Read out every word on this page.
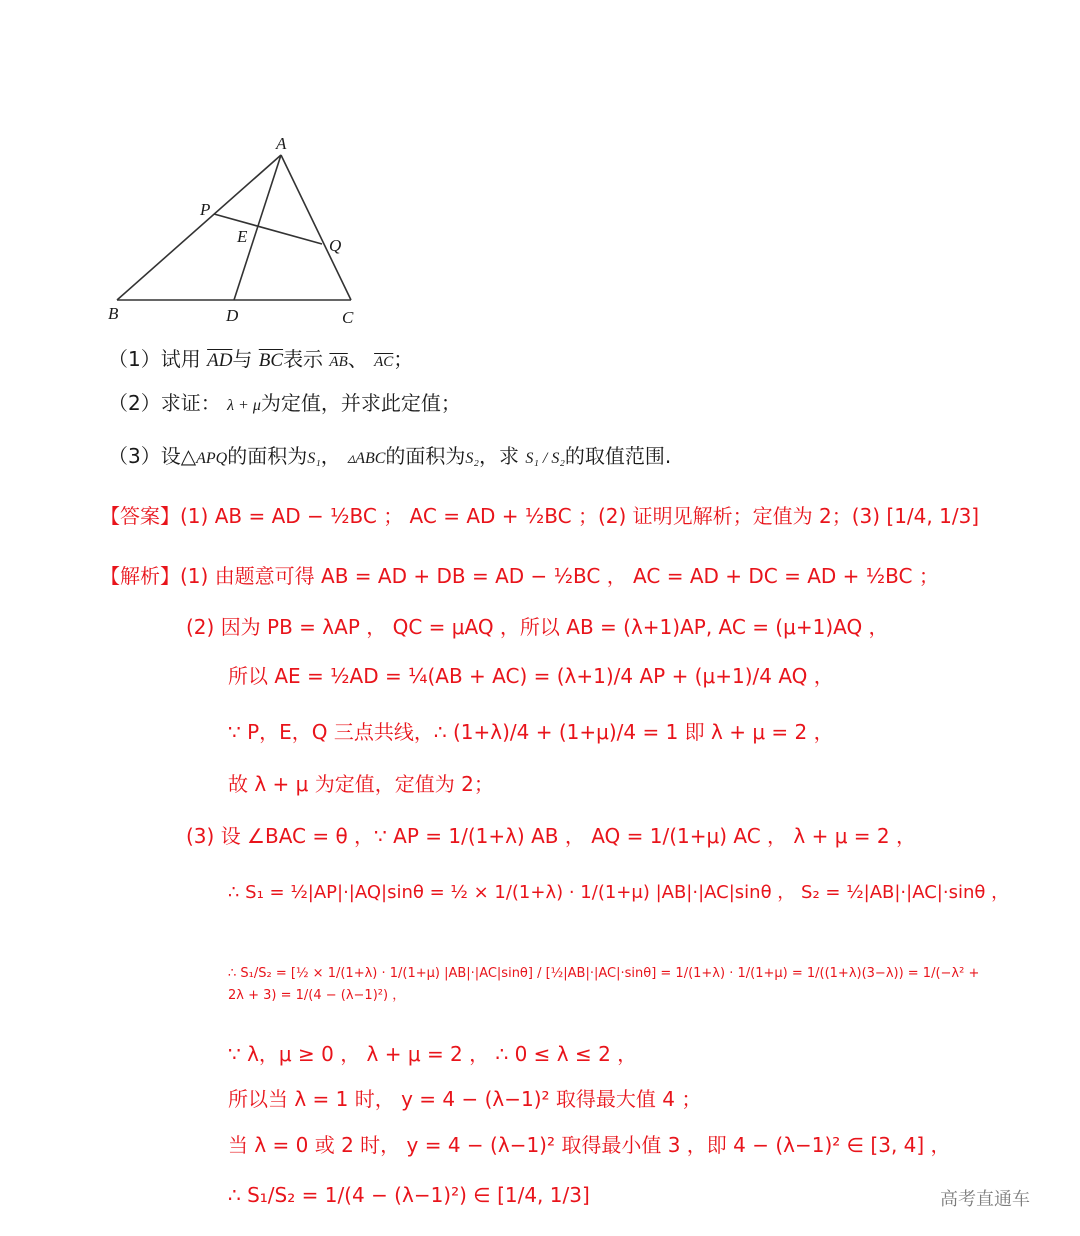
A
P
E	Q
B	D	C
（1）试用 $\overline{AD}$与 $\overline{BC}$表示 $\overline{AB}$、 $\overline{AC}$；
（2）求证： λ + μ为定值，并求此定值；
（3）设△APQ的面积为S₁， ▵ABC的面积为S₂，求 S₁ / S₂的取值范围.
【答案】(1) AB = AD − ½BC ； AC = AD + ½BC ；(2) 证明见解析；定值为 2；(3) [1/4, 1/3]
【解析】(1) 由题意可得 AB = AD + DB = AD − ½BC ， AC = AD + DC = AD + ½BC ；
(2) 因为 PB = λAP ， QC = μAQ ，所以 AB = (λ+1)AP, AC = (μ+1)AQ ，
所以 AE = ½AD = ¼(AB + AC) = (λ+1)/4 AP + (μ+1)/4 AQ ，
∵ P，E，Q 三点共线，∴ (1+λ)/4 + (1+μ)/4 = 1 即 λ + μ = 2 ，
故 λ + μ 为定值，定值为 2；
(3) 设 ∠BAC = θ ，∵ AP = 1/(1+λ) AB ， AQ = 1/(1+μ) AC ， λ + μ = 2 ，
∴ S₁ = ½|AP|·|AQ|sinθ = ½ × 1/(1+λ) · 1/(1+μ) |AB|·|AC|sinθ ， S₂ = ½|AB|·|AC|·sinθ ，
∴ S₁/S₂ = [½ × 1/(1+λ) · 1/(1+μ) |AB|·|AC|sinθ] / [½|AB|·|AC|·sinθ] = 1/(1+λ) · 1/(1+μ) = 1/((1+λ)(3−λ)) = 1/(−λ² + 2λ + 3) = 1/(4 − (λ−1)²) ，
∵ λ，μ ≥ 0 ， λ + μ = 2 ， ∴ 0 ≤ λ ≤ 2 ，
所以当 λ = 1 时， y = 4 − (λ−1)² 取得最大值 4 ；
当 λ = 0 或 2 时， y = 4 − (λ−1)² 取得最小值 3 ，即 4 − (λ−1)² ∈ [3, 4] ，
∴ S₁/S₂ = 1/(4 − (λ−1)²) ∈ [1/4, 1/3]	高考直通车
